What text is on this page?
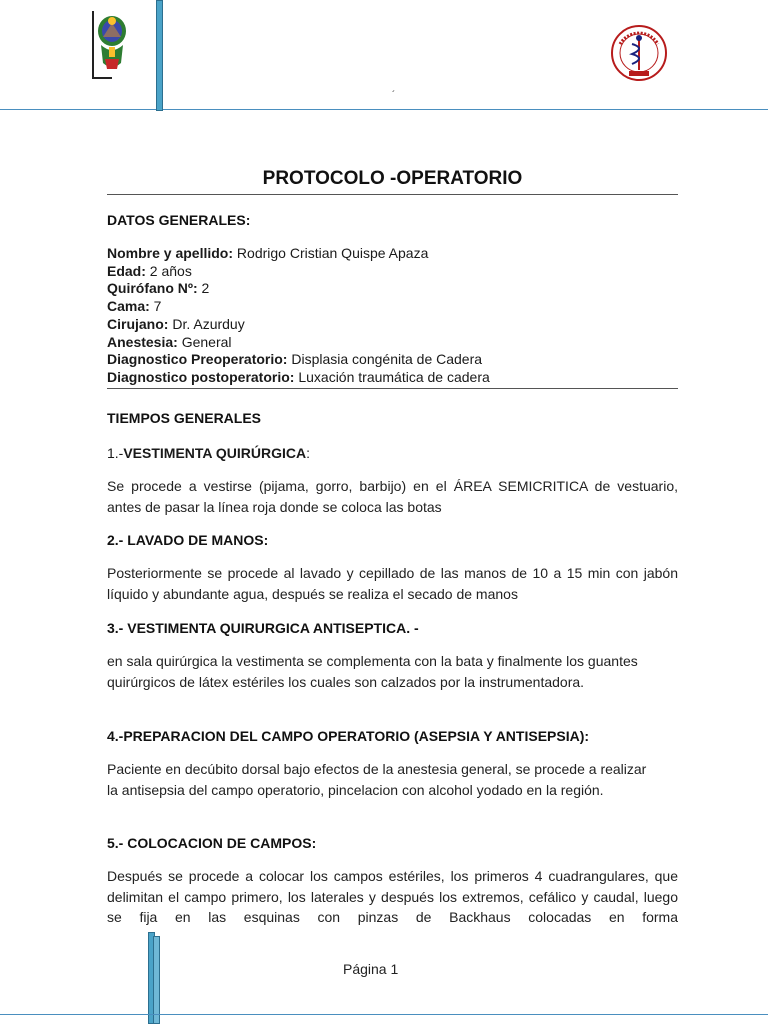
´
PROTOCOLO -OPERATORIO
DATOS GENERALES:
Nombre y apellido: Rodrigo Cristian Quispe Apaza
Edad: 2 años
Quirófano Nº: 2
Cama: 7
Cirujano: Dr. Azurduy
Anestesia: General
Diagnostico Preoperatorio: Displasia congénita de Cadera
Diagnostico postoperatorio: Luxación traumática de cadera
TIEMPOS GENERALES
1.-VESTIMENTA QUIRÚRGICA:
Se procede a vestirse (pijama, gorro, barbijo) en el ÁREA SEMICRITICA de vestuario, antes de pasar la línea roja donde se coloca las botas
2.- LAVADO DE MANOS:
Posteriormente se procede al lavado y cepillado de las manos de 10 a 15 min con jabón líquido y abundante agua, después se realiza el secado de manos
3.- VESTIMENTA QUIRURGICA ANTISEPTICA. -
en sala quirúrgica la vestimenta se complementa con la bata y finalmente los guantes quirúrgicos de látex estériles los cuales son calzados por la instrumentadora.
4.-PREPARACION DEL CAMPO OPERATORIO (ASEPSIA Y ANTISEPSIA):
Paciente en decúbito dorsal bajo efectos de la anestesia general, se procede a realizar la antisepsia del campo operatorio, pincelacion con alcohol yodado en la región.
5.- COLOCACION DE CAMPOS:
Después se procede a colocar los campos estériles, los primeros 4 cuadrangulares, que delimitan el campo primero, los laterales y después los extremos, cefálico y caudal, luego se fija en las esquinas con pinzas de Backhaus colocadas en forma
Página 1
